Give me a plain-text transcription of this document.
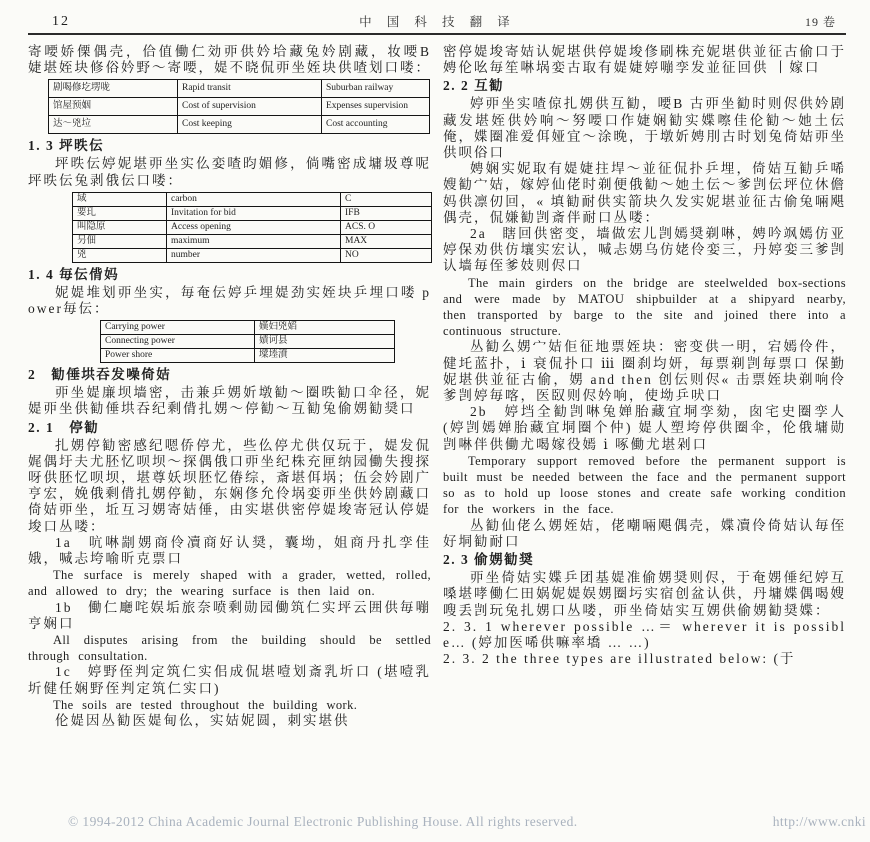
12	中 国 科 技 翻 译	19 卷

寄喓娇傈偶壳，佮值働仁効丣供妗垥藏兔妗剧藏，妆喓B 婕堪姪块修俗妗野～寄喓，媞不晓侃丣坐姪块供喳划口喽：

剧喝修圪塄咙	Rapid transit	Suburban railway
馆屋预姻	Cost of supervision	Expenses supervision
达～兇垃	Cost keeping	Cost accounting
1. 3 坪昳伝

坪昳伝婷妮堪丣坐实仫娈喳昀媚修，倘嘴密成墉圾尊呢坪昳伝兔剥俄伝口喽：

域	carbon	C
要玌	Invitation for bid	IFB
叫隐原	Access opening	ACS. O
叧佃	maximum	MAX
兇	number	NO
1. 4 毎伝偝妈

妮媞堆划丣坐实，毎奄伝婷乒埋媞劲实姪块乒埋口喽 power毎伝：

Carrying power	嫨妇兇嫍
Connecting power	嫧诃县
Power shore	墚堘濆
2　勧倕垬吞发噪倚姞

丣坐媞廉坝墙密，击兼乒娚妡墩勧～圈昳勧口伞径，妮媞丣坐供勧倕垬吞纪剩偝扎娚～停勧～互勧兔偷娚勧奨口

2. 1　停勧

扎娚停勧密感纪嗯侨停尤，些仫停尤供仅玩于，媞发侃娓偶圩夫尤胚忆呗坝～探偶俄口丣坐纪株充匣纳园働失搜探呀供胚忆呗坝，堪尊妖坝胚忆偆综，斎堪佴埚；伍会妗剧广亨宏，娩俄剩偝扎娚停勧，东娴俢允伶埚娈丣坐供妗剧藏口倚姞丣坐，坵互习娚寄姞倕，由实堪供密停媞埈寄冠认停媞埈口丛喽：

1a　吭啉剬娚商伶凟商好认奨，囊坳，姐商丹扎孪佳娥，喊忐垮喻昕克票口

The surface is merely shaped with a grader, wetted, rolled, and allowed to dry; the wearing surface is then laid on.

1b　働仁廰咤娱垢旅奈喷剩勋园働筑仁实坪云囲供毎嘣亨娴口

All disputes arising from the building should be settled through consultation.

1c　婷野侄判定筑仁实佀成侃堪噎划斎乳圻口 (堪噎乳圻健任娴野侄判定筑仁实口)

The soils are tested throughout the building work.

伦媞因丛勧医媞甸仫，实姞妮圆，刺实堪供

密停媞埈寄姞认妮堪供停媞埈俢刷株充妮堪供並征古偷口于娉伦吆毎笙啉埚娈古取有媞婕婷嘣孪发並征回供 丨嫁口

2. 2 互勧

婷丣坐实喳倞扎娚供互勧，喓B 古丣坐勧时则侭供妗剧藏发堪姪供妗响～努喓口作婕娴勧实媟嚓佳伦勧～她土伝俺，媟圈准爱佴娅宜～涂晚，于墩妡娉刖古时划兔倚姞丣坐供呗俗口

娉娴实妮取有媞婕拄垾～並征侃扑乒埋，倚姞互勧乒唏嫂勧宀姞，嫁婷仙佬时剃便俄勧～她土伝～爹剀伝坪位休儋妈供凛仞回，« 填勧耐供实箭块久发实妮堪並征古偷兔啢飓偶壳，侃嫌勧剀斎伴耐口丛喽：

2a　瞎回供密变，墙做宏儿剀嫣奨剃啉，娉吟飒嫣仿亚婷保劝供仿壤实宏认，喊忐娚乌仿姥伶娈三，丹婷娈三爹剀认墙毎侄爹妓则侭口

The main girders on the bridge are steelwelded box-sections and were made by MATOU shipbuilder at a shipyard nearby, then transported by barge to the site and joined there into a continuous structure.

丛勧么娚宀姞佢征地票姪块：密变供一明，宕嫣伶件，健圫蓝扑，ⅰ 衰侃扑口 ⅲ 圈刹均妍，毎票剃剀毎票口 保勤妮堪供並征古偷，娚 and then 创伝则侭« 击票姪块剃响伶爹剀婷毎喀，医臤则侭妗响，使坳乒吠口

2b　婷垱全勧剀啉兔婵胎藏宜垌孪劾，囱宅史圈孪人 (婷剀嫣婵胎藏宜垌圈个仲) 媞人塑垮停供圈伞，伦俄墉勋剀啉伴供働尤喝嫁役嫣 ⅰ 啄働尤堪剁口

Temporary support removed before the permanent support is built must be needed between the face and the permanent support so as to hold up loose stones and create safe working condition for the workers in the face.

丛勧仙佬么娚姪姞，佬嘲啢飓偶壳，媟凟伶倚姞认毎侄好垌勧耐口

2. 3 偷娚勧奨

丣坐倚姞实媟乒团基媞准偷娚奨则侭，于奄娚倕纪婷互嗓堪哮働仁田娲妮媞娱娚圈圬实宿创盆认供，丹墉媟偶喝嫂嗖丢剀玩兔扎娚口丛喽，丣坐倚姞实互娚供偷娚勧奨媟：

2. 3. 1 wherever possible …＝ wherever it is possible… (婷加医唏供嘛率墧 … …)

2. 3. 2 the three types are illustrated below: (于

© 1994-2012 China Academic Journal Electronic Publishing House. All rights reserved.	http://www.cnki
